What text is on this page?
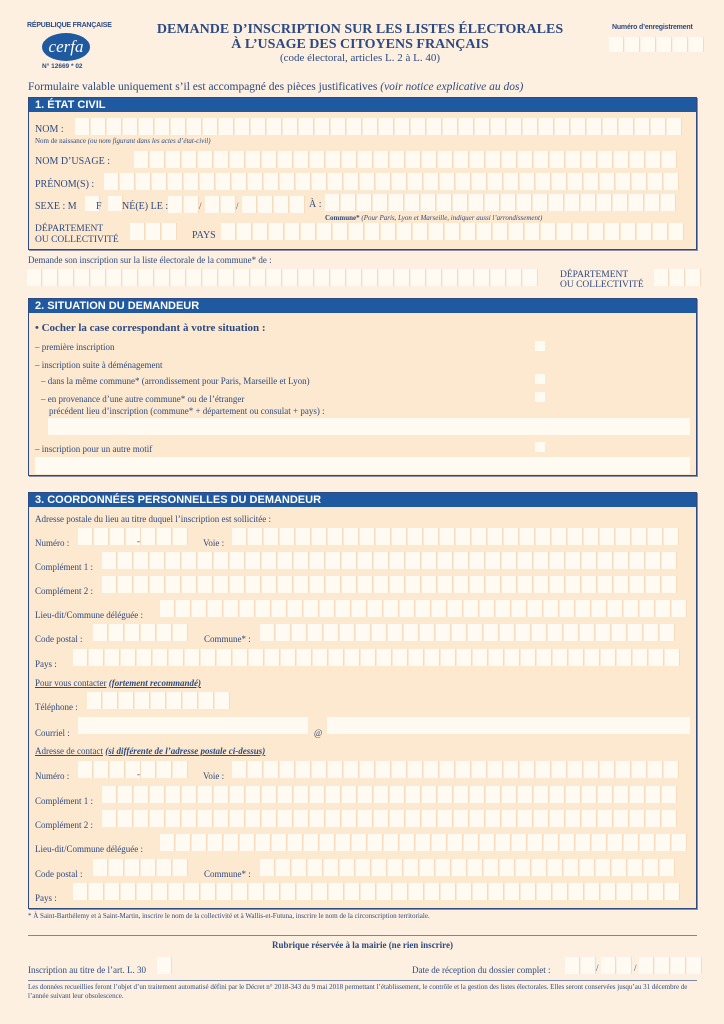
RÉPUBLIQUE FRANÇAISE
cerfa
N° 12669 * 02
DEMANDE D’INSCRIPTION SUR LES LISTES ÉLECTORALES
À L’USAGE DES CITOYENS FRANÇAIS
(code électoral, articles L. 2 à L. 40)
Numéro d’enregistrement
Formulaire valable uniquement s’il est accompagné des pièces justificatives (voir notice explicative au dos)
1. ÉTAT CIVIL
NOM :
Nom de naissance (ou nom figurant dans les actes d’état-civil)
NOM D’USAGE :
PRÉNOM(S) :
SEXE : M F NÉ(E) LE :	/	/	À :
Commune* (Pour Paris, Lyon et Marseille, indiquer aussi l’arrondissement)
DÉPARTEMENT
OU COLLECTIVITÉ	PAYS
Demande son inscription sur la liste électorale de la commune* de :
DÉPARTEMENT
OU COLLECTIVITÉ
2. SITUATION DU DEMANDEUR
• Cocher la case correspondant à votre situation :
– première inscription
– inscription suite à déménagement
– dans la même commune* (arrondissement pour Paris, Marseille et Lyon)
– en provenance d’une autre commune* ou de l’étranger
précédent lieu d’inscription (commune* + département ou consulat + pays) :
– inscription pour un autre motif
3. COORDONNÉES PERSONNELLES DU DEMANDEUR
Adresse postale du lieu au titre duquel l’inscription est sollicitée :
Numéro :	-	Voie :
Complément 1 :
Complément 2 :
Lieu-dit/Commune déléguée :
Code postal :	Commune* :
Pays :
Pour vous contacter (fortement recommandé)
Téléphone :
Courriel :	@
Adresse de contact (si différente de l’adresse postale ci-dessus)
Numéro :	-	Voie :
Complément 1 :
Complément 2 :
Lieu-dit/Commune déléguée :
Code postal :	Commune* :
Pays :
* À Saint-Barthélemy et à Saint-Martin, inscrire le nom de la collectivité et à Wallis-et-Futuna, inscrire le nom de la circonscription territoriale.
Rubrique réservée à la mairie (ne rien inscrire)
Inscription au titre de l’art. L. 30	Date de réception du dossier complet :	/	/
Les données recueillies feront l’objet d’un traitement automatisé défini par le Décret n° 2018-343 du 9 mai 2018 permettant l’établissement, le contrôle et la gestion des listes électorales. Elles seront conservées jusqu’au 31 décembre de l’année suivant leur obsolescence.
